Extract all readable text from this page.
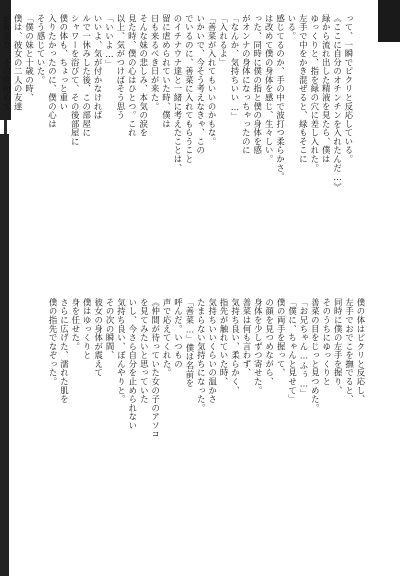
って、一瞬でピクリと反応している。

《ここに自分のオチンチンを入れたんだ…》

緑から流れ出した精液を見たら、僕は

ゆっくりと、指を緑の穴に差し入れた。

左手で中をかき混ぜると、緑もそこに

いる。

感じてるのか、手の中で波打つ柔らかさ。

は改めて僕の身体を感じ、生々しい。

った、同時に僕の指と僕の身体を感

がオンナの身体になっちゃったのに

「なんか、気持ちいい…」

「入れるよ」

「善菜が入れてもいいのかもな。

いかいで、今そう考えなきゃ、この

でいるのに、善菜に入れてもらうこと

のイチナウナ達と一緒に考えたことは、

留に虐められていた時、僕は

日も来るべき日が来た。

そんな妹の悲しみ、本気の涙を

見た時、僕の心はひとつ。これ

以上、気がつけばそう思う

「いいよ…」

いいよ、気が付かなければ

ルで一休みした後、この部屋に

シャワーを浴びて、その後部屋に

僕の体も、ちょっと重い

入りたかったのに、僕の心は

そう感じていた。

「僕の妹と十歳の時、

僕は、彼女の二人の友達

が集まり、その時初めて、

僕の体はピクリと反応し、

左手でおでこを撫でると、

同時に僕の左手を握り、

そのうちにゆっくりと

善菜の目をじっと見つめた。

「お兄ちゃん…ふぅ…」

「僕に、ちゃんと見せて」

僕の両手を握って、

の顔を見つめながら、

身体を少しずつ寄せた。

善菜は何も言わず、

気持ち良い、柔らかく、

指先が触れていた時、

気持ちいいくらいの温かさ

たまらない気持ちになった。

「善菜…」僕は名前を

呼んだ。いつもの

声で応えてくれた。

《仲間が待っていた女の子のアソコ

を見てみたいと思っていた

いし、今さら自分を止められない

気持ち良い、ぼんやりと。

その次の瞬間、

彼女の身体が震えて

僕はゆっくりと

身を任せた。

さらに広げた、濡れた肌を

僕の指先でなぞった。
